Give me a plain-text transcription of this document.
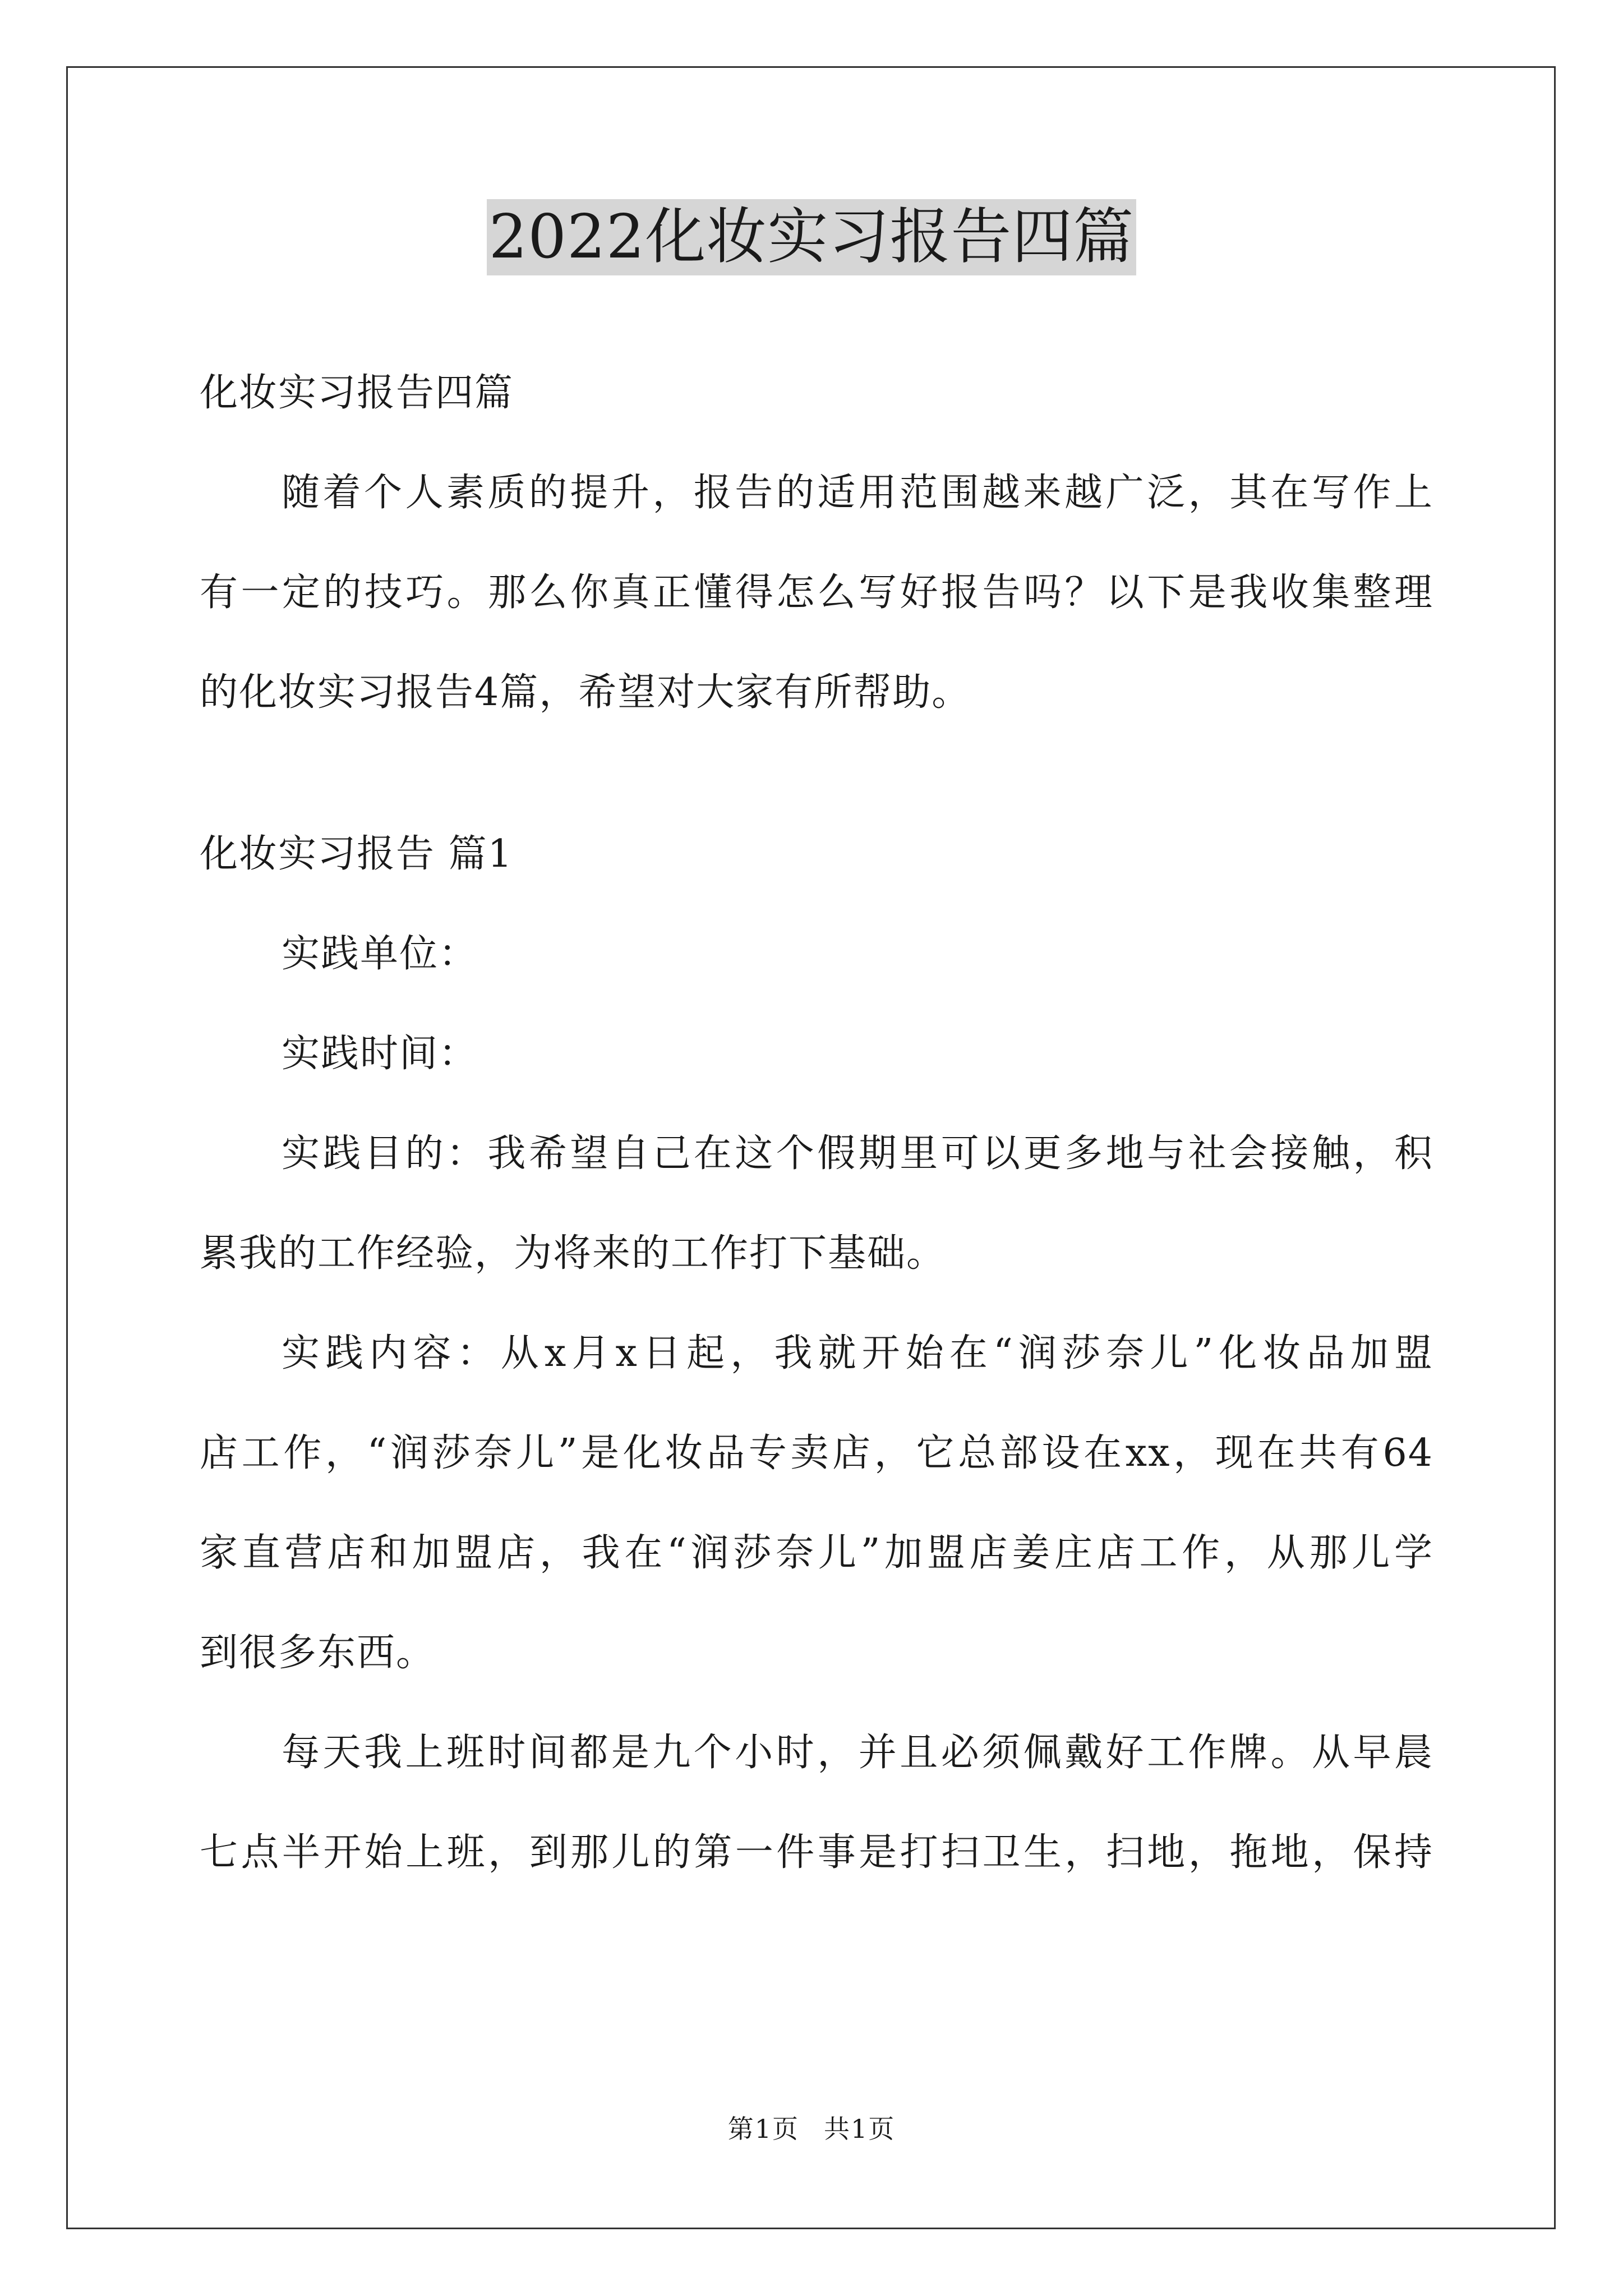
2022化妆实习报告四篇
化妆实习报告四篇
随着个人素质的提升，报告的适用范围越来越广泛，其在写作上
有一定的技巧。那么你真正懂得怎么写好报告吗？以下是我收集整理
的化妆实习报告4篇，希望对大家有所帮助。
化妆实习报告 篇1
实践单位：
实践时间：
实践目的：我希望自己在这个假期里可以更多地与社会接触，积
累我的工作经验，为将来的工作打下基础。
实践内容：从x月x日起，我就开始在“润莎奈儿”化妆品加盟
店工作，“润莎奈儿”是化妆品专卖店，它总部设在xx，现在共有64
家直营店和加盟店，我在“润莎奈儿”加盟店姜庄店工作，从那儿学
到很多东西。
每天我上班时间都是九个小时，并且必须佩戴好工作牌。从早晨
七点半开始上班，到那儿的第一件事是打扫卫生，扫地，拖地，保持
第1页 共1页
